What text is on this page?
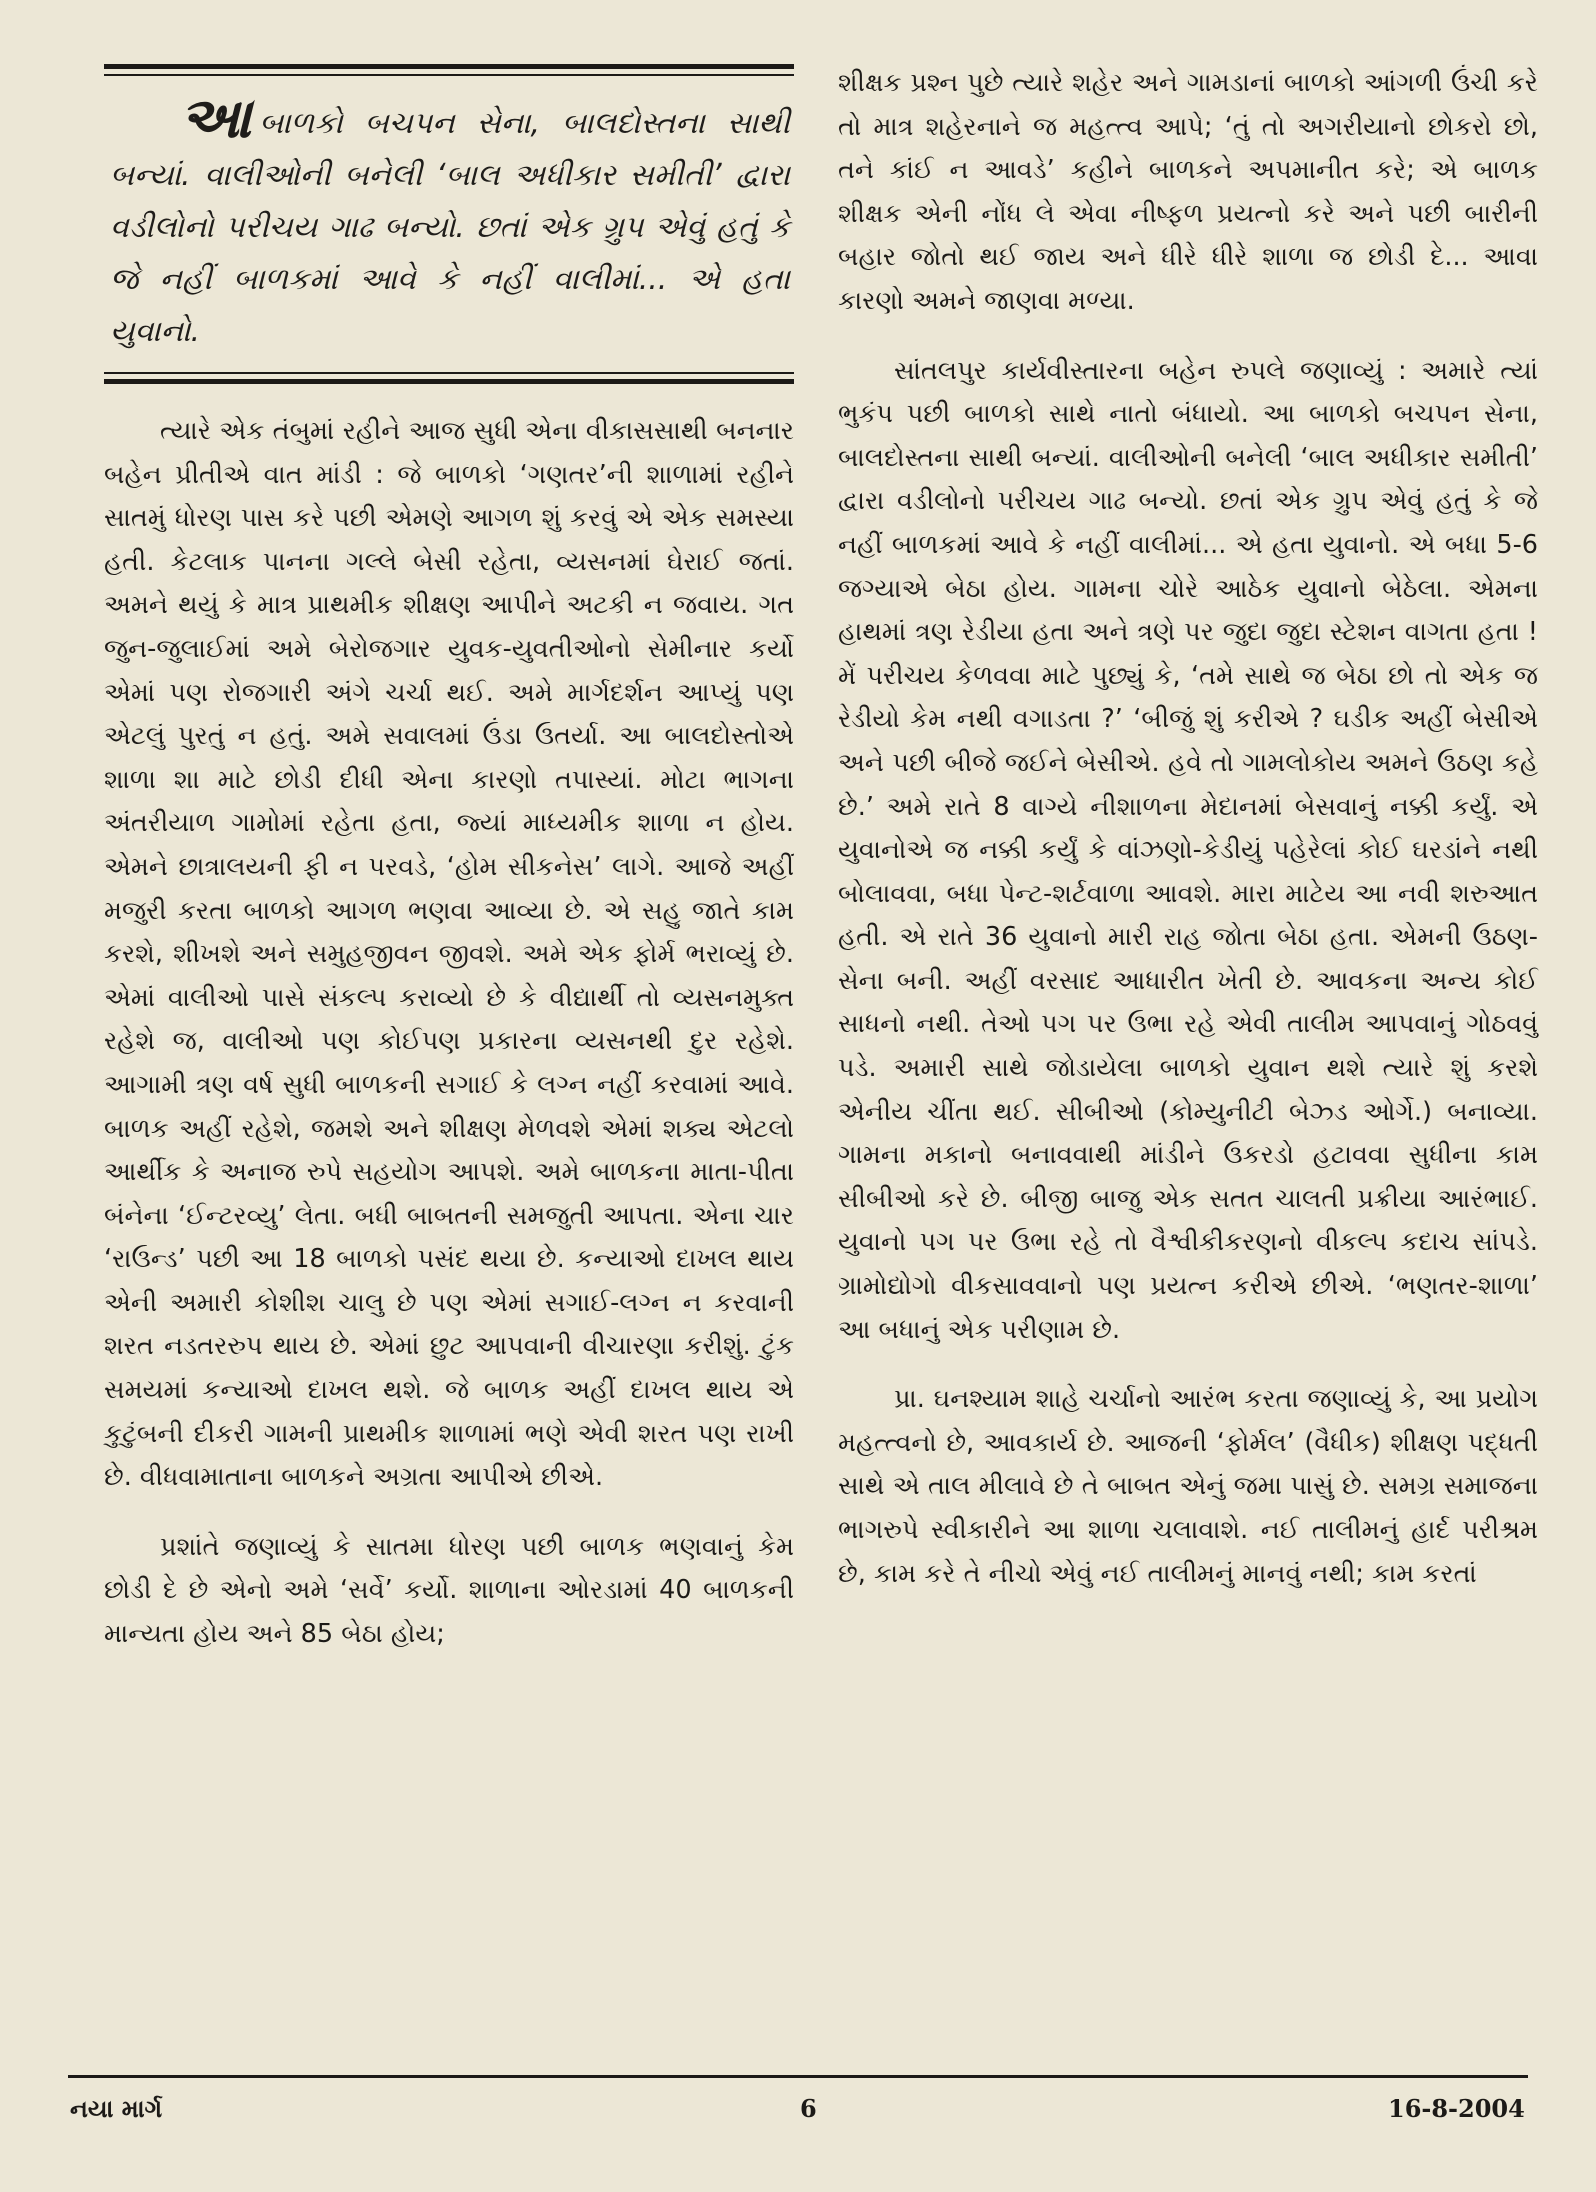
આબાળકો બચપન સેના, બાલદોસ્તના સાથી બન્યાં. વાલીઓની બનેલી ‘બાલ અધીકાર સમીતી’ દ્વારા વડીલોનો પરીચય ગાઢ બન્યો. છતાં એક ગ્રુપ એવું હતું કે જે નહીં બાળકમાં આવે કે નહીં વાલીમાં... એ હતા યુવાનો.

ત્યારે એક તંબુમાં રહીને આજ સુધી એના વીકાસસાથી બનનાર બહેન પ્રીતીએ વાત માંડી : જે બાળકો ‘ગણતર’ની શાળામાં રહીને સાતમું ધોરણ પાસ કરે પછી એમણે આગળ શું કરવું એ એક સમસ્યા હતી. કેટલાક પાનના ગલ્લે બેસી રહેતા, વ્યસનમાં ઘેરાઈ જતાં. અમને થયું કે માત્ર પ્રાથમીક શીક્ષણ આપીને અટકી ન જવાય. ગત જુન-જુલાઈમાં અમે બેરોજગાર યુવક-યુવતીઓનો સેમીનાર કર્યો એમાં પણ રોજગારી અંગે ચર્ચા થઈ. અમે માર્ગદર્શન આપ્યું પણ એટલું પુરતું ન હતું. અમે સવાલમાં ઉંડા ઉતર્યા. આ બાલદોસ્તોએ શાળા શા માટે છોડી દીધી એના કારણો તપાસ્યાં. મોટા ભાગના અંતરીયાળ ગામોમાં રહેતા હતા, જ્યાં માધ્યમીક શાળા ન હોય. એમને છાત્રાલયની ફી ન પરવડે, ‘હોમ સીકનેસ’ લાગે. આજે અહીં મજુરી કરતા બાળકો આગળ ભણવા આવ્યા છે. એ સહુ જાતે કામ કરશે, શીખશે અને સમુહજીવન જીવશે. અમે એક ફોર્મ ભરાવ્યું છે. એમાં વાલીઓ પાસે સંકલ્પ કરાવ્યો છે કે વીદ્યાર્થી તો વ્યસનમુક્ત રહેશે જ, વાલીઓ પણ કોઈપણ પ્રકારના વ્યસનથી દુર રહેશે. આગામી ત્રણ વર્ષ સુધી બાળકની સગાઈ કે લગ્ન નહીં કરવામાં આવે. બાળક અહીં રહેશે, જમશે અને શીક્ષણ મેળવશે એમાં શક્ય એટલો આર્થીક કે અનાજ રુપે સહયોગ આપશે. અમે બાળકના માતા-પીતા બંનેના ‘ઈન્ટરવ્યુ’ લેતા. બધી બાબતની સમજુતી આપતા. એના ચાર ‘રાઉન્ડ’ પછી આ 18 બાળકો પસંદ થયા છે. કન્યાઓ દાખલ થાય એની અમારી કોશીશ ચાલુ છે પણ એમાં સગાઈ-લગ્ન ન કરવાની શરત નડતરરુપ થાય છે. એમાં છુટ આપવાની વીચારણા કરીશું. ટુંક સમયમાં કન્યાઓ દાખલ થશે. જે બાળક અહીં દાખલ થાય એ કુટુંબની દીકરી ગામની પ્રાથમીક શાળામાં ભણે એવી શરત પણ રાખી છે. વીધવામાતાના બાળકને અગ્રતા આપીએ છીએ.

પ્રશાંતે જણાવ્યું કે સાતમા ધોરણ પછી બાળક ભણવાનું કેમ છોડી દે છે એનો અમે ‘સર્વે’ કર્યો. શાળાના ઓરડામાં 40 બાળકની માન્યતા હોય અને 85 બેઠા હોય;

શીક્ષક પ્રશ્ન પુછે ત્યારે શહેર અને ગામડાનાં બાળકો આંગળી ઉંચી કરે તો માત્ર શહેરનાને જ મહત્ત્વ આપે; ‘તું તો અગરીયાનો છોકરો છો, તને કાંઈ ન આવડે’ કહીને બાળકને અપમાનીત કરે; એ બાળક શીક્ષક એની નોંધ લે એવા નીષ્ફળ પ્રયત્નો કરે અને પછી બારીની બહાર જોતો થઈ જાય અને ધીરે ધીરે શાળા જ છોડી દે... આવા કારણો અમને જાણવા મળ્યા.

સાંતલપુર કાર્યવીસ્તારના બહેન રુપલે જણાવ્યું : અમારે ત્યાં ભુકંપ પછી બાળકો સાથે નાતો બંધાયો. આ બાળકો બચપન સેના, બાલદોસ્તના સાથી બન્યાં. વાલીઓની બનેલી ‘બાલ અધીકાર સમીતી’ દ્વારા વડીલોનો પરીચય ગાઢ બન્યો. છતાં એક ગ્રુપ એવું હતું કે જે નહીં બાળકમાં આવે કે નહીં વાલીમાં... એ હતા યુવાનો. એ બધા 5-6 જગ્યાએ બેઠા હોય. ગામના ચોરે આઠેક યુવાનો બેઠેલા. એમના હાથમાં ત્રણ રેડીયા હતા અને ત્રણે પર જુદા જુદા સ્ટેશન વાગતા હતા ! મેં પરીચય કેળવવા માટે પુછ્યું કે, ‘તમે સાથે જ બેઠા છો તો એક જ રેડીયો કેમ નથી વગાડતા ?’ ‘બીજું શું કરીએ ? ઘડીક અહીં બેસીએ અને પછી બીજે જઈને બેસીએ. હવે તો ગામલોકોય અમને ઉઠણ કહે છે.’ અમે રાતે 8 વાગ્યે નીશાળના મેદાનમાં બેસવાનું નક્કી કર્યું. એ યુવાનોએ જ નક્કી કર્યું કે વાંઝણો-કેડીયું પહેરેલાં કોઈ ઘરડાંને નથી બોલાવવા, બધા પેન્ટ-શર્ટવાળા આવશે. મારા માટેય આ નવી શરુઆત હતી. એ રાતે 36 યુવાનો મારી રાહ જોતા બેઠા હતા. એમની ઉઠણ-સેના બની. અહીં વરસાદ આધારીત ખેતી છે. આવકના અન્ય કોઈ સાધનો નથી. તેઓ પગ પર ઉભા રહે એવી તાલીમ આપવાનું ગોઠવવું પડે. અમારી સાથે જોડાયેલા બાળકો યુવાન થશે ત્યારે શું કરશે એનીય ચીંતા થઈ. સીબીઓ (કોમ્યુનીટી બેઝ્ડ ઓર્ગે.) બનાવ્યા. ગામના મકાનો બનાવવાથી માંડીને ઉકરડો હટાવવા સુધીના કામ સીબીઓ કરે છે. બીજી બાજુ એક સતત ચાલતી પ્રક્રીયા આરંભાઈ. યુવાનો પગ પર ઉભા રહે તો વૈશ્વીકીકરણનો વીકલ્પ કદાચ સાંપડે. ગ્રામોદ્યોગો વીકસાવવાનો પણ પ્રયત્ન કરીએ છીએ. ‘ભણતર-શાળા’ આ બધાનું એક પરીણામ છે.

પ્રા. ઘનશ્યામ શાહે ચર્ચાનો આરંભ કરતા જણાવ્યું કે, આ પ્રયોગ મહત્ત્વનો છે, આવકાર્ય છે. આજની ‘ફોર્મલ’ (વૈધીક) શીક્ષણ પદ્ધતી સાથે એ તાલ મીલાવે છે તે બાબત એનું જમા પાસું છે. સમગ્ર સમાજના ભાગરુપે સ્વીકારીને આ શાળા ચલાવાશે. નઈ તાલીમનું હાર્દ પરીશ્રમ છે, કામ કરે તે નીચો એવું નઈ તાલીમનું માનવું નથી; કામ કરતાં

નયા માર્ગ	6	16-8-2004
